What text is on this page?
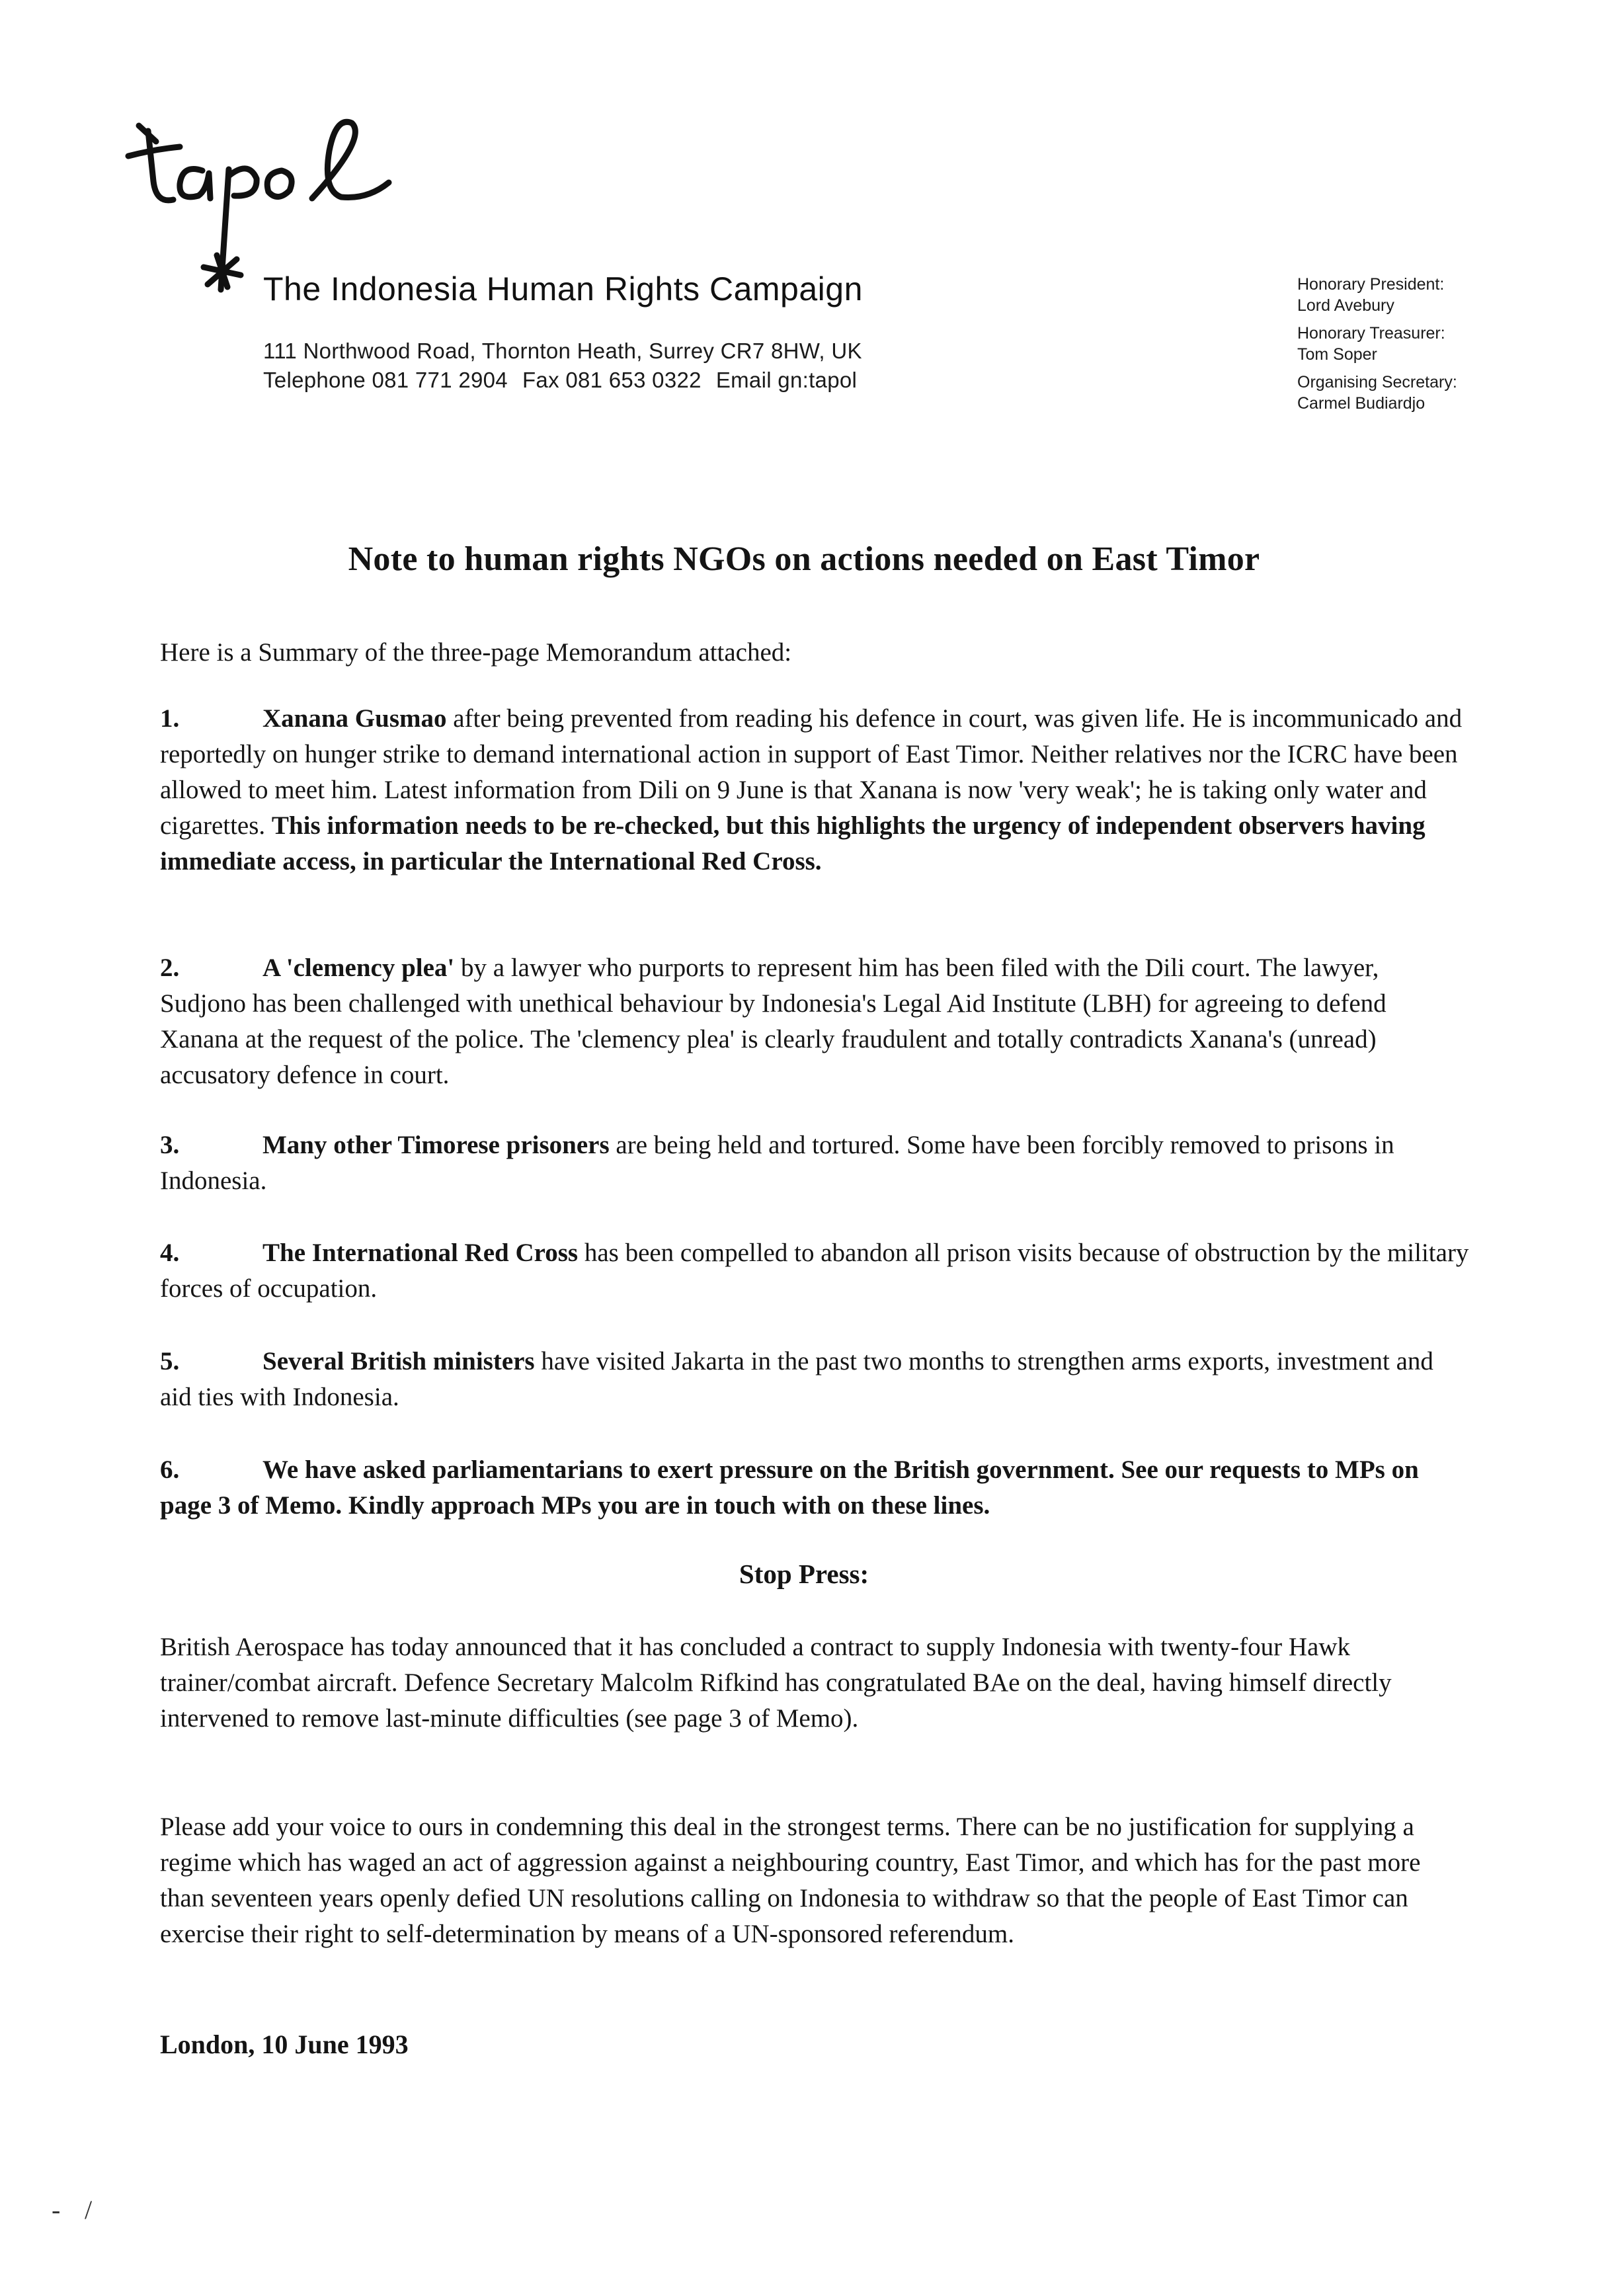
The Indonesia Human Rights Campaign
111 Northwood Road, Thornton Heath, Surrey CR7 8HW, UK
Telephone 081 771 2904 Fax 081 653 0322 Email gn:tapol
Honorary President:
Lord Avebury
Honorary Treasurer:
Tom Soper
Organising Secretary:
Carmel Budiardjo
Note to human rights NGOs on actions needed on East Timor
Here is a Summary of the three-page Memorandum attached:
1.	Xanana Gusmao after being prevented from reading his defence in court, was given life. He is incommunicado and reportedly on hunger strike to demand international action in support of East Timor. Neither relatives nor the ICRC have been allowed to meet him. Latest information from Dili on 9 June is that Xanana is now 'very weak'; he is taking only water and cigarettes. This information needs to be re-checked, but this highlights the urgency of independent observers having immediate access, in particular the International Red Cross.
2.	A 'clemency plea' by a lawyer who purports to represent him has been filed with the Dili court. The lawyer, Sudjono has been challenged with unethical behaviour by Indonesia's Legal Aid Institute (LBH) for agreeing to defend Xanana at the request of the police. The 'clemency plea' is clearly fraudulent and totally contradicts Xanana's (unread) accusatory defence in court.
3.	Many other Timorese prisoners are being held and tortured. Some have been forcibly removed to prisons in Indonesia.
4.	The International Red Cross has been compelled to abandon all prison visits because of obstruction by the military forces of occupation.
5.	Several British ministers have visited Jakarta in the past two months to strengthen arms exports, investment and aid ties with Indonesia.
6.	We have asked parliamentarians to exert pressure on the British government. See our requests to MPs on page 3 of Memo. Kindly approach MPs you are in touch with on these lines.
Stop Press:
British Aerospace has today announced that it has concluded a contract to supply Indonesia with twenty-four Hawk trainer/combat aircraft. Defence Secretary Malcolm Rifkind has congratulated BAe on the deal, having himself directly intervened to remove last-minute difficulties (see page 3 of Memo).
Please add your voice to ours in condemning this deal in the strongest terms. There can be no justification for supplying a regime which has waged an act of aggression against a neighbouring country, East Timor, and which has for the past more than seventeen years openly defied UN resolutions calling on Indonesia to withdraw so that the people of East Timor can exercise their right to self-determination by means of a UN-sponsored referendum.
London, 10 June 1993
- /
